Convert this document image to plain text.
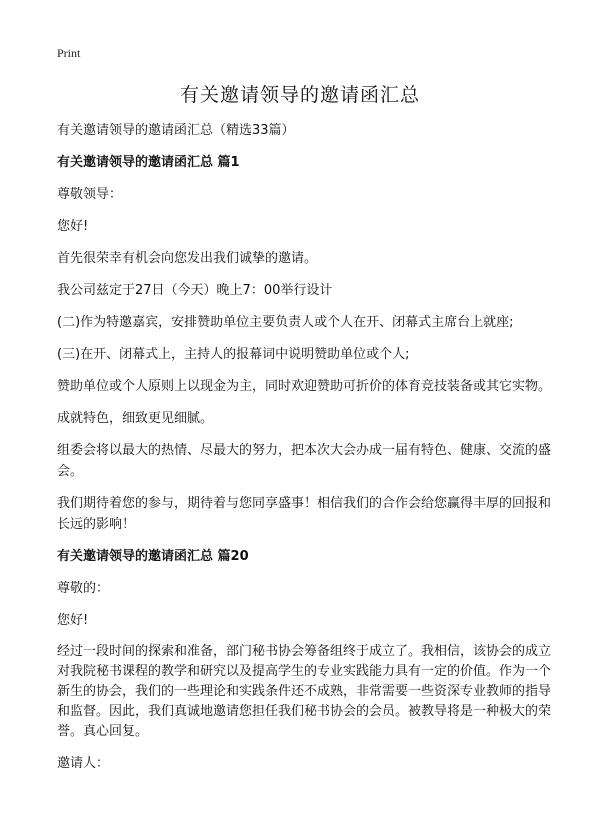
Print
有关邀请领导的邀请函汇总

有关邀请领导的邀请函汇总（精选33篇）

有关邀请领导的邀请函汇总 篇1

尊敬领导：

您好!

首先很荣幸有机会向您发出我们诚挚的邀请。

我公司兹定于27日（今天）晚上7：00举行设计

(二)作为特邀嘉宾，安排赞助单位主要负责人或个人在开、闭幕式主席台上就座;

(三)在开、闭幕式上，主持人的报幕词中说明赞助单位或个人;

赞助单位或个人原则上以现金为主，同时欢迎赞助可折价的体育竞技装备或其它实物。

成就特色，细致更见细腻。

组委会将以最大的热情、尽最大的努力，把本次大会办成一届有特色、健康、交流的盛会。

我们期待着您的参与，期待着与您同享盛事！相信我们的合作会给您赢得丰厚的回报和长远的影响！

有关邀请领导的邀请函汇总 篇20

尊敬的：

您好!

经过一段时间的探索和准备，部门秘书协会筹备组终于成立了。我相信，该协会的成立对我院秘书课程的教学和研究以及提高学生的专业实践能力具有一定的价值。作为一个新生的协会，我们的一些理论和实践条件还不成熟，非常需要一些资深专业教师的指导和监督。因此，我们真诚地邀请您担任我们秘书协会的会员。被教导将是一种极大的荣誉。真心回复。

邀请人：
